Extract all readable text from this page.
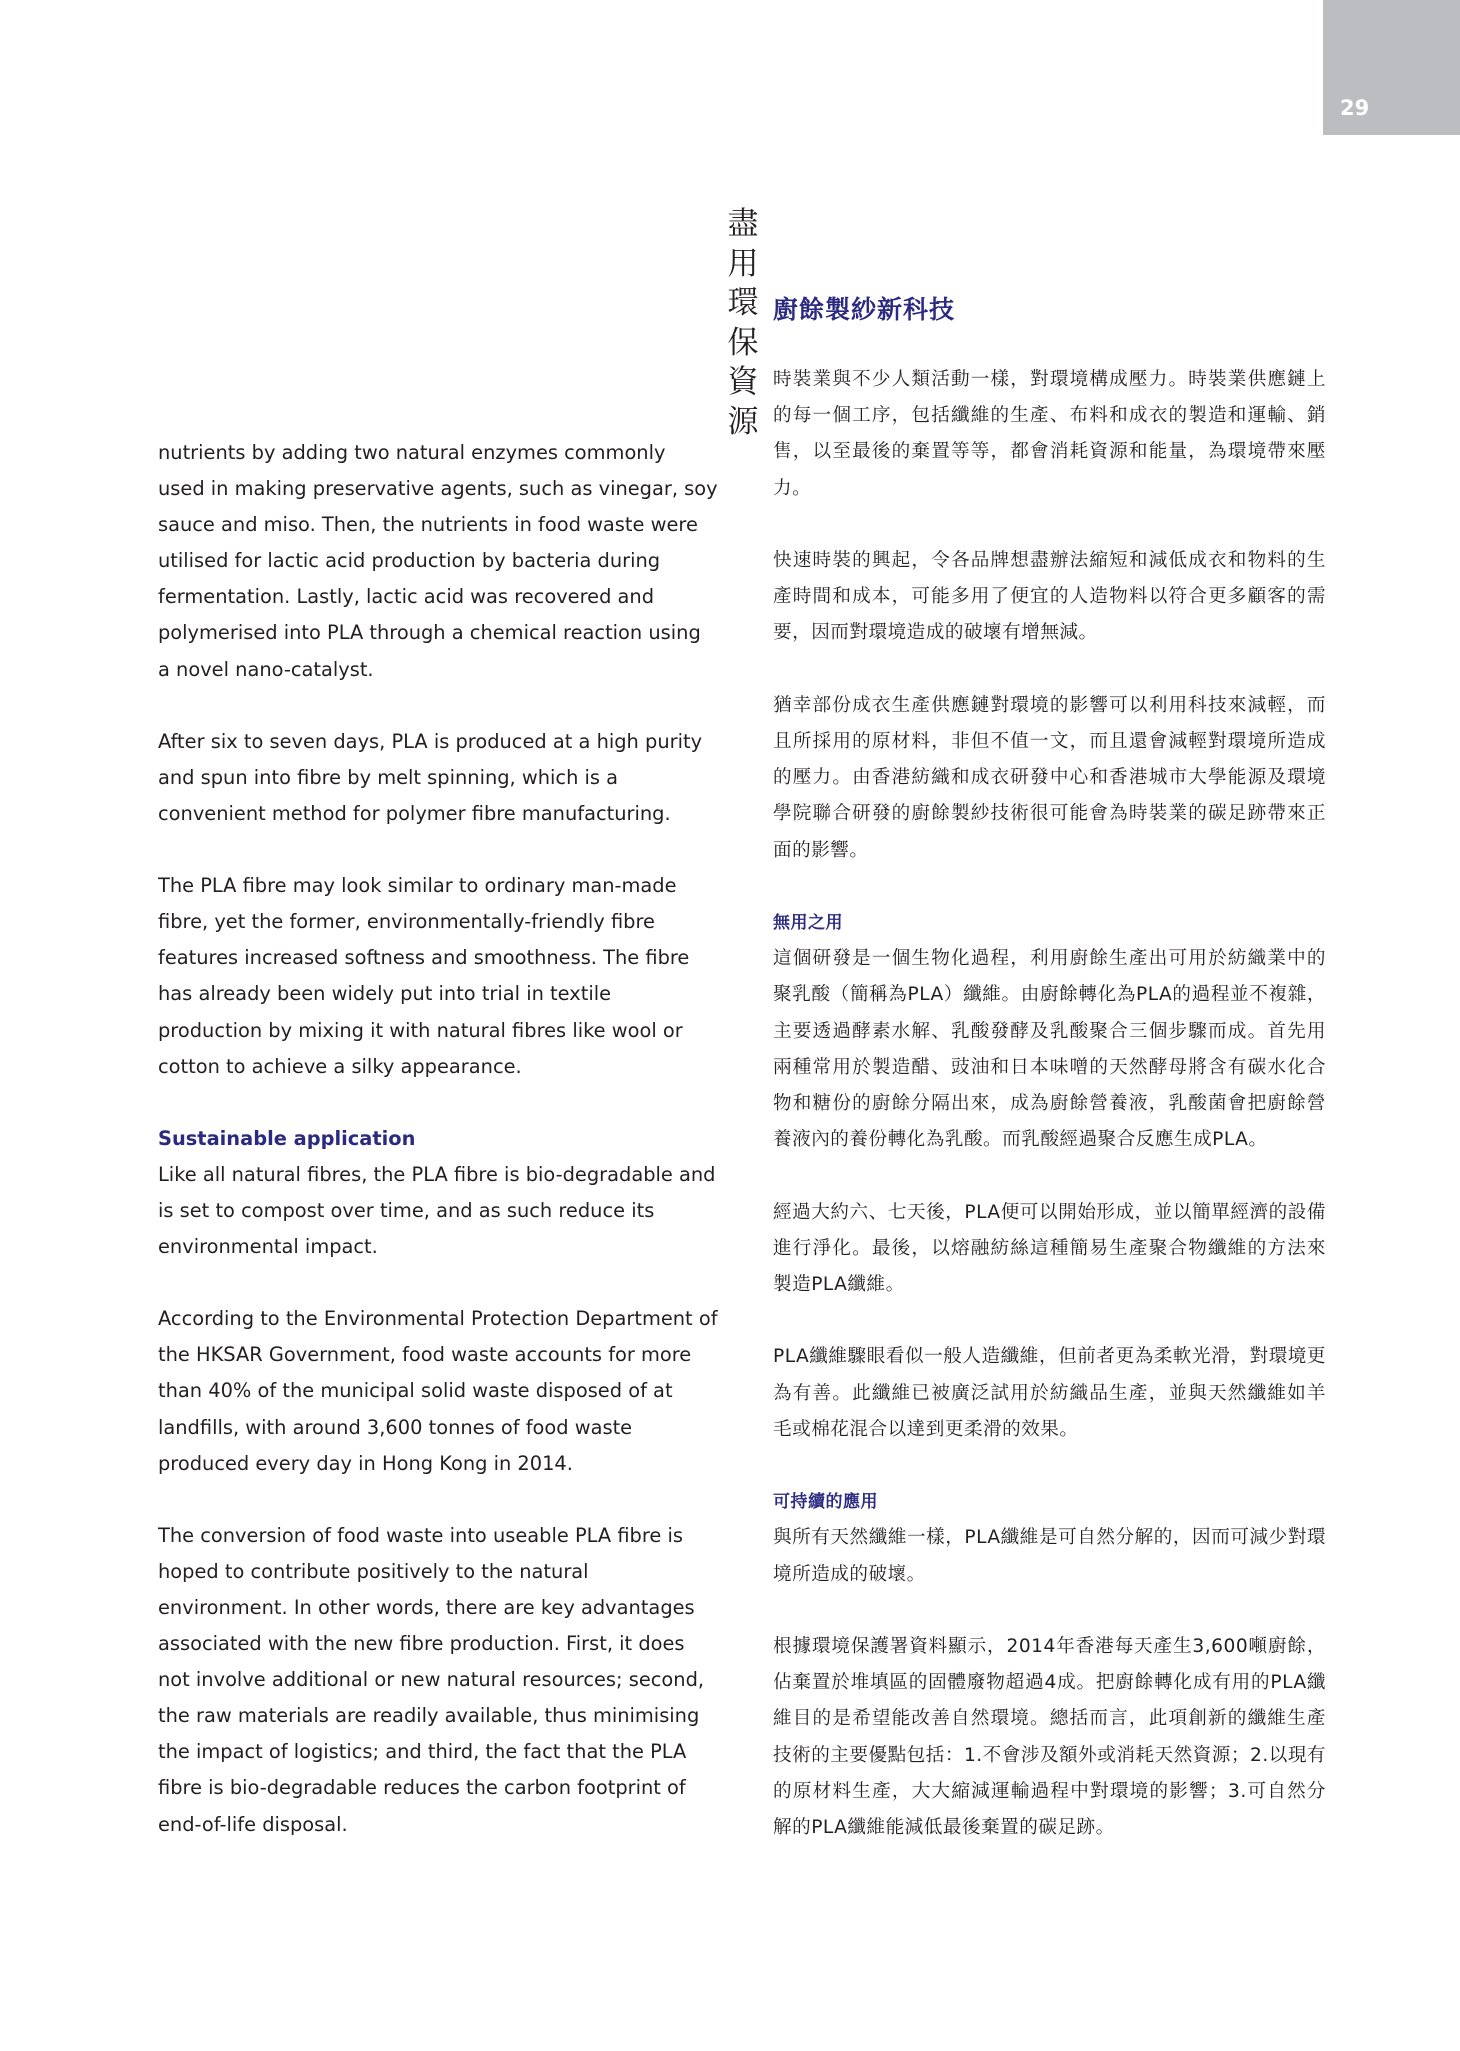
29
盡
用
環
保
資
源
廚餘製紗新科技

nutrients by adding two natural enzymes commonly used in making preservative agents, such as vinegar, soy sauce and miso. Then, the nutrients in food waste were utilised for lactic acid production by bacteria during fermentation. Lastly, lactic acid was recovered and polymerised into PLA through a chemical reaction using a novel nano-catalyst.

After six to seven days, PLA is produced at a high purity and spun into fibre by melt spinning, which is a convenient method for polymer fibre manufacturing.

The PLA fibre may look similar to ordinary man-made fibre, yet the former, environmentally-friendly fibre features increased softness and smoothness. The fibre has already been widely put into trial in textile production by mixing it with natural fibres like wool or cotton to achieve a silky appearance.

Sustainable application

Like all natural fibres, the PLA fibre is bio-degradable and is set to compost over time, and as such reduce its environmental impact.

According to the Environmental Protection Department of the HKSAR Government, food waste accounts for more than 40% of the municipal solid waste disposed of at landfills, with around 3,600 tonnes of food waste produced every day in Hong Kong in 2014.

The conversion of food waste into useable PLA fibre is hoped to contribute positively to the natural environment. In other words, there are key advantages associated with the new fibre production. First, it does not involve additional or new natural resources; second, the raw materials are readily available, thus minimising the impact of logistics; and third, the fact that the PLA fibre is bio-degradable reduces the carbon footprint of end-of-life disposal.

時裝業與不少人類活動一樣，對環境構成壓力。時裝業供應鏈上的每一個工序，包括纖維的生產、布料和成衣的製造和運輸、銷售，以至最後的棄置等等，都會消耗資源和能量，為環境帶來壓力。

快速時裝的興起，令各品牌想盡辦法縮短和減低成衣和物料的生產時間和成本，可能多用了便宜的人造物料以符合更多顧客的需要，因而對環境造成的破壞有增無減。

猶幸部份成衣生產供應鏈對環境的影響可以利用科技來減輕，而且所採用的原材料，非但不值一文，而且還會減輕對環境所造成的壓力。由香港紡織和成衣研發中心和香港城市大學能源及環境學院聯合研發的廚餘製紗技術很可能會為時裝業的碳足跡帶來正面的影響。

無用之用

這個研發是一個生物化過程，利用廚餘生產出可用於紡織業中的聚乳酸（簡稱為PLA）纖維。由廚餘轉化為PLA的過程並不複雜，主要透過酵素水解、乳酸發酵及乳酸聚合三個步驟而成。首先用兩種常用於製造醋、豉油和日本味噌的天然酵母將含有碳水化合物和糖份的廚餘分隔出來，成為廚餘營養液，乳酸菌會把廚餘營養液內的養份轉化為乳酸。而乳酸經過聚合反應生成PLA。

經過大約六、七天後，PLA便可以開始形成，並以簡單經濟的設備進行淨化。最後，以熔融紡絲這種簡易生產聚合物纖維的方法來製造PLA纖維。

PLA纖維驟眼看似一般人造纖維，但前者更為柔軟光滑，對環境更為有善。此纖維已被廣泛試用於紡織品生產，並與天然纖維如羊毛或棉花混合以達到更柔滑的效果。

可持續的應用

與所有天然纖維一樣，PLA纖維是可自然分解的，因而可減少對環境所造成的破壞。

根據環境保護署資料顯示，2014年香港每天產生3,600噸廚餘，佔棄置於堆填區的固體廢物超過4成。把廚餘轉化成有用的PLA纖維目的是希望能改善自然環境。總括而言，此項創新的纖維生產技術的主要優點包括：1.不會涉及額外或消耗天然資源；2.以現有的原材料生產，大大縮減運輸過程中對環境的影響；3.可自然分解的PLA纖維能減低最後棄置的碳足跡。
